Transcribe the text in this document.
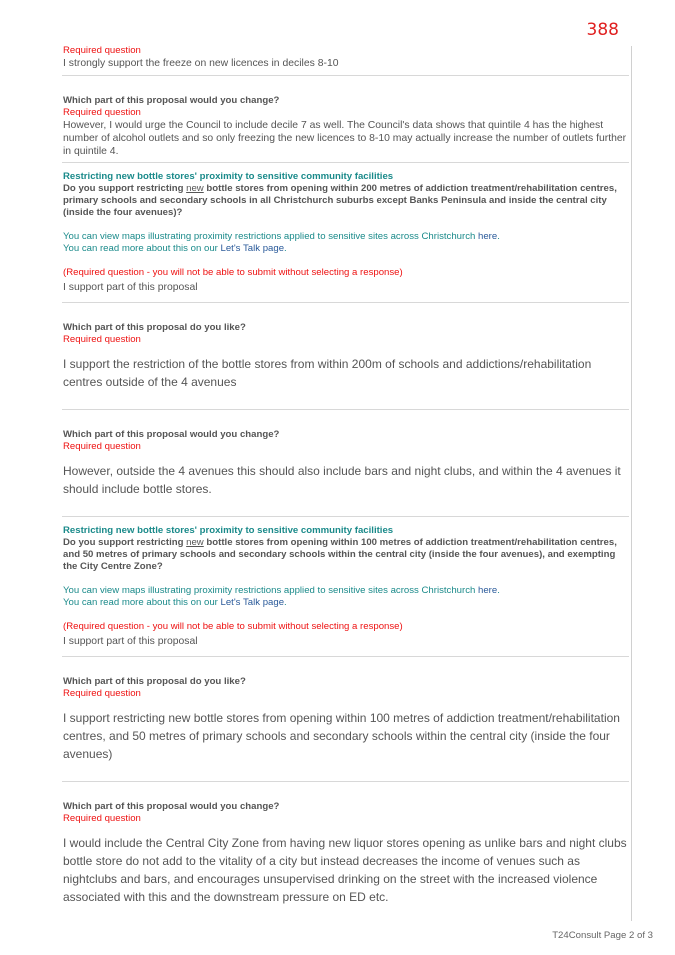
388
Required question
I strongly support the freeze on new licences in deciles 8-10
Which part of this proposal would you change?
Required question
However, I would urge the Council to include decile 7 as well. The Council's data shows that quintile 4 has the highest number of alcohol outlets and so only freezing the new licences to 8-10 may actually increase the number of outlets further in quintile 4.
Restricting new bottle stores' proximity to sensitive community facilities
Do you support restricting new bottle stores from opening within 200 metres of addiction treatment/rehabilitation centres, primary schools and secondary schools in all Christchurch suburbs except Banks Peninsula and inside the central city (inside the four avenues)?
You can view maps illustrating proximity restrictions applied to sensitive sites across Christchurch here.
You can read more about this on our Let's Talk page.
(Required question - you will not be able to submit without selecting a response)
I support part of this proposal
Which part of this proposal do you like?
Required question
I support the restriction of the bottle stores from within 200m of schools and addictions/rehabilitation centres outside of the 4 avenues
Which part of this proposal would you change?
Required question
However, outside the 4 avenues this should also include bars and night clubs, and within the 4 avenues it should include bottle stores.
Restricting new bottle stores' proximity to sensitive community facilities
Do you support restricting new bottle stores from opening within 100 metres of addiction treatment/rehabilitation centres, and 50 metres of primary schools and secondary schools within the central city (inside the four avenues), and exempting the City Centre Zone?
You can view maps illustrating proximity restrictions applied to sensitive sites across Christchurch here.
You can read more about this on our Let's Talk page.
(Required question - you will not be able to submit without selecting a response)
I support part of this proposal
Which part of this proposal do you like?
Required question
I support restricting new bottle stores from opening within 100 metres of addiction treatment/rehabilitation centres, and 50 metres of primary schools and secondary schools within the central city (inside the four avenues)
Which part of this proposal would you change?
Required question
I would include the Central City Zone from having new liquor stores opening as unlike bars and night clubs bottle store do not add to the vitality of a city but instead decreases the income of venues such as nightclubs and bars, and encourages unsupervised drinking on the street with the increased violence associated with this and the downstream pressure on ED etc.
T24Consult Page 2 of 3
